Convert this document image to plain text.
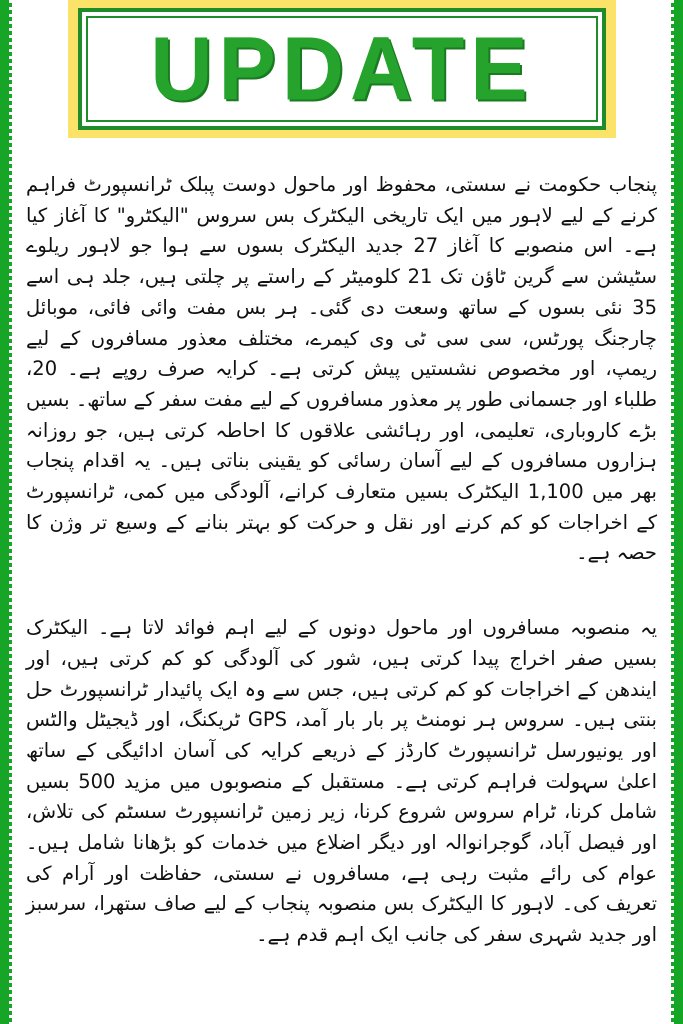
UPDATE

پنجاب حکومت نے سستی، محفوظ اور ماحول دوست پبلک ٹرانسپورٹ فراہم کرنے کے لیے لاہور میں ایک تاریخی الیکٹرک بس سروس "الیکٹرو" کا آغاز کیا ہے۔ اس منصوبے کا آغاز 27 جدید الیکٹرک بسوں سے ہوا جو لاہور ریلوے سٹیشن سے گرین ٹاؤن تک 21 کلومیٹر کے راستے پر چلتی ہیں، جلد ہی اسے 35 نئی بسوں کے ساتھ وسعت دی گئی۔ ہر بس مفت وائی فائی، موبائل چارجنگ پورٹس، سی سی ٹی وی کیمرے، مختلف معذور مسافروں کے لیے ریمپ، اور مخصوص نشستیں پیش کرتی ہے۔ کرایہ صرف روپے ہے۔ 20، طلباء اور جسمانی طور پر معذور مسافروں کے لیے مفت سفر کے ساتھ۔ بسیں بڑے کاروباری، تعلیمی، اور رہائشی علاقوں کا احاطہ کرتی ہیں، جو روزانہ ہزاروں مسافروں کے لیے آسان رسائی کو یقینی بناتی ہیں۔ یہ اقدام پنجاب بھر میں 1,100 الیکٹرک بسیں متعارف کرانے، آلودگی میں کمی، ٹرانسپورٹ کے اخراجات کو کم کرنے اور نقل و حرکت کو بہتر بنانے کے وسیع تر وژن کا حصہ ہے۔

یہ منصوبہ مسافروں اور ماحول دونوں کے لیے اہم فوائد لاتا ہے۔ الیکٹرک بسیں صفر اخراج پیدا کرتی ہیں، شور کی آلودگی کو کم کرتی ہیں، اور ایندھن کے اخراجات کو کم کرتی ہیں، جس سے وہ ایک پائیدار ٹرانسپورٹ حل بنتی ہیں۔ سروس ہر نومنٹ پر بار بار آمد، GPS ٹریکنگ، اور ڈیجیٹل والٹس اور یونیورسل ٹرانسپورٹ کارڈز کے ذریعے کرایہ کی آسان ادائیگی کے ساتھ اعلیٰ سہولت فراہم کرتی ہے۔ مستقبل کے منصوبوں میں مزید 500 بسیں شامل کرنا، ٹرام سروس شروع کرنا، زیر زمین ٹرانسپورٹ سسٹم کی تلاش، اور فیصل آباد، گوجرانوالہ اور دیگر اضلاع میں خدمات کو بڑھانا شامل ہیں۔ عوام کی رائے مثبت رہی ہے، مسافروں نے سستی، حفاظت اور آرام کی تعریف کی۔ لاہور کا الیکٹرک بس منصوبہ پنجاب کے لیے صاف ستھرا، سرسبز اور جدید شہری سفر کی جانب ایک اہم قدم ہے۔
